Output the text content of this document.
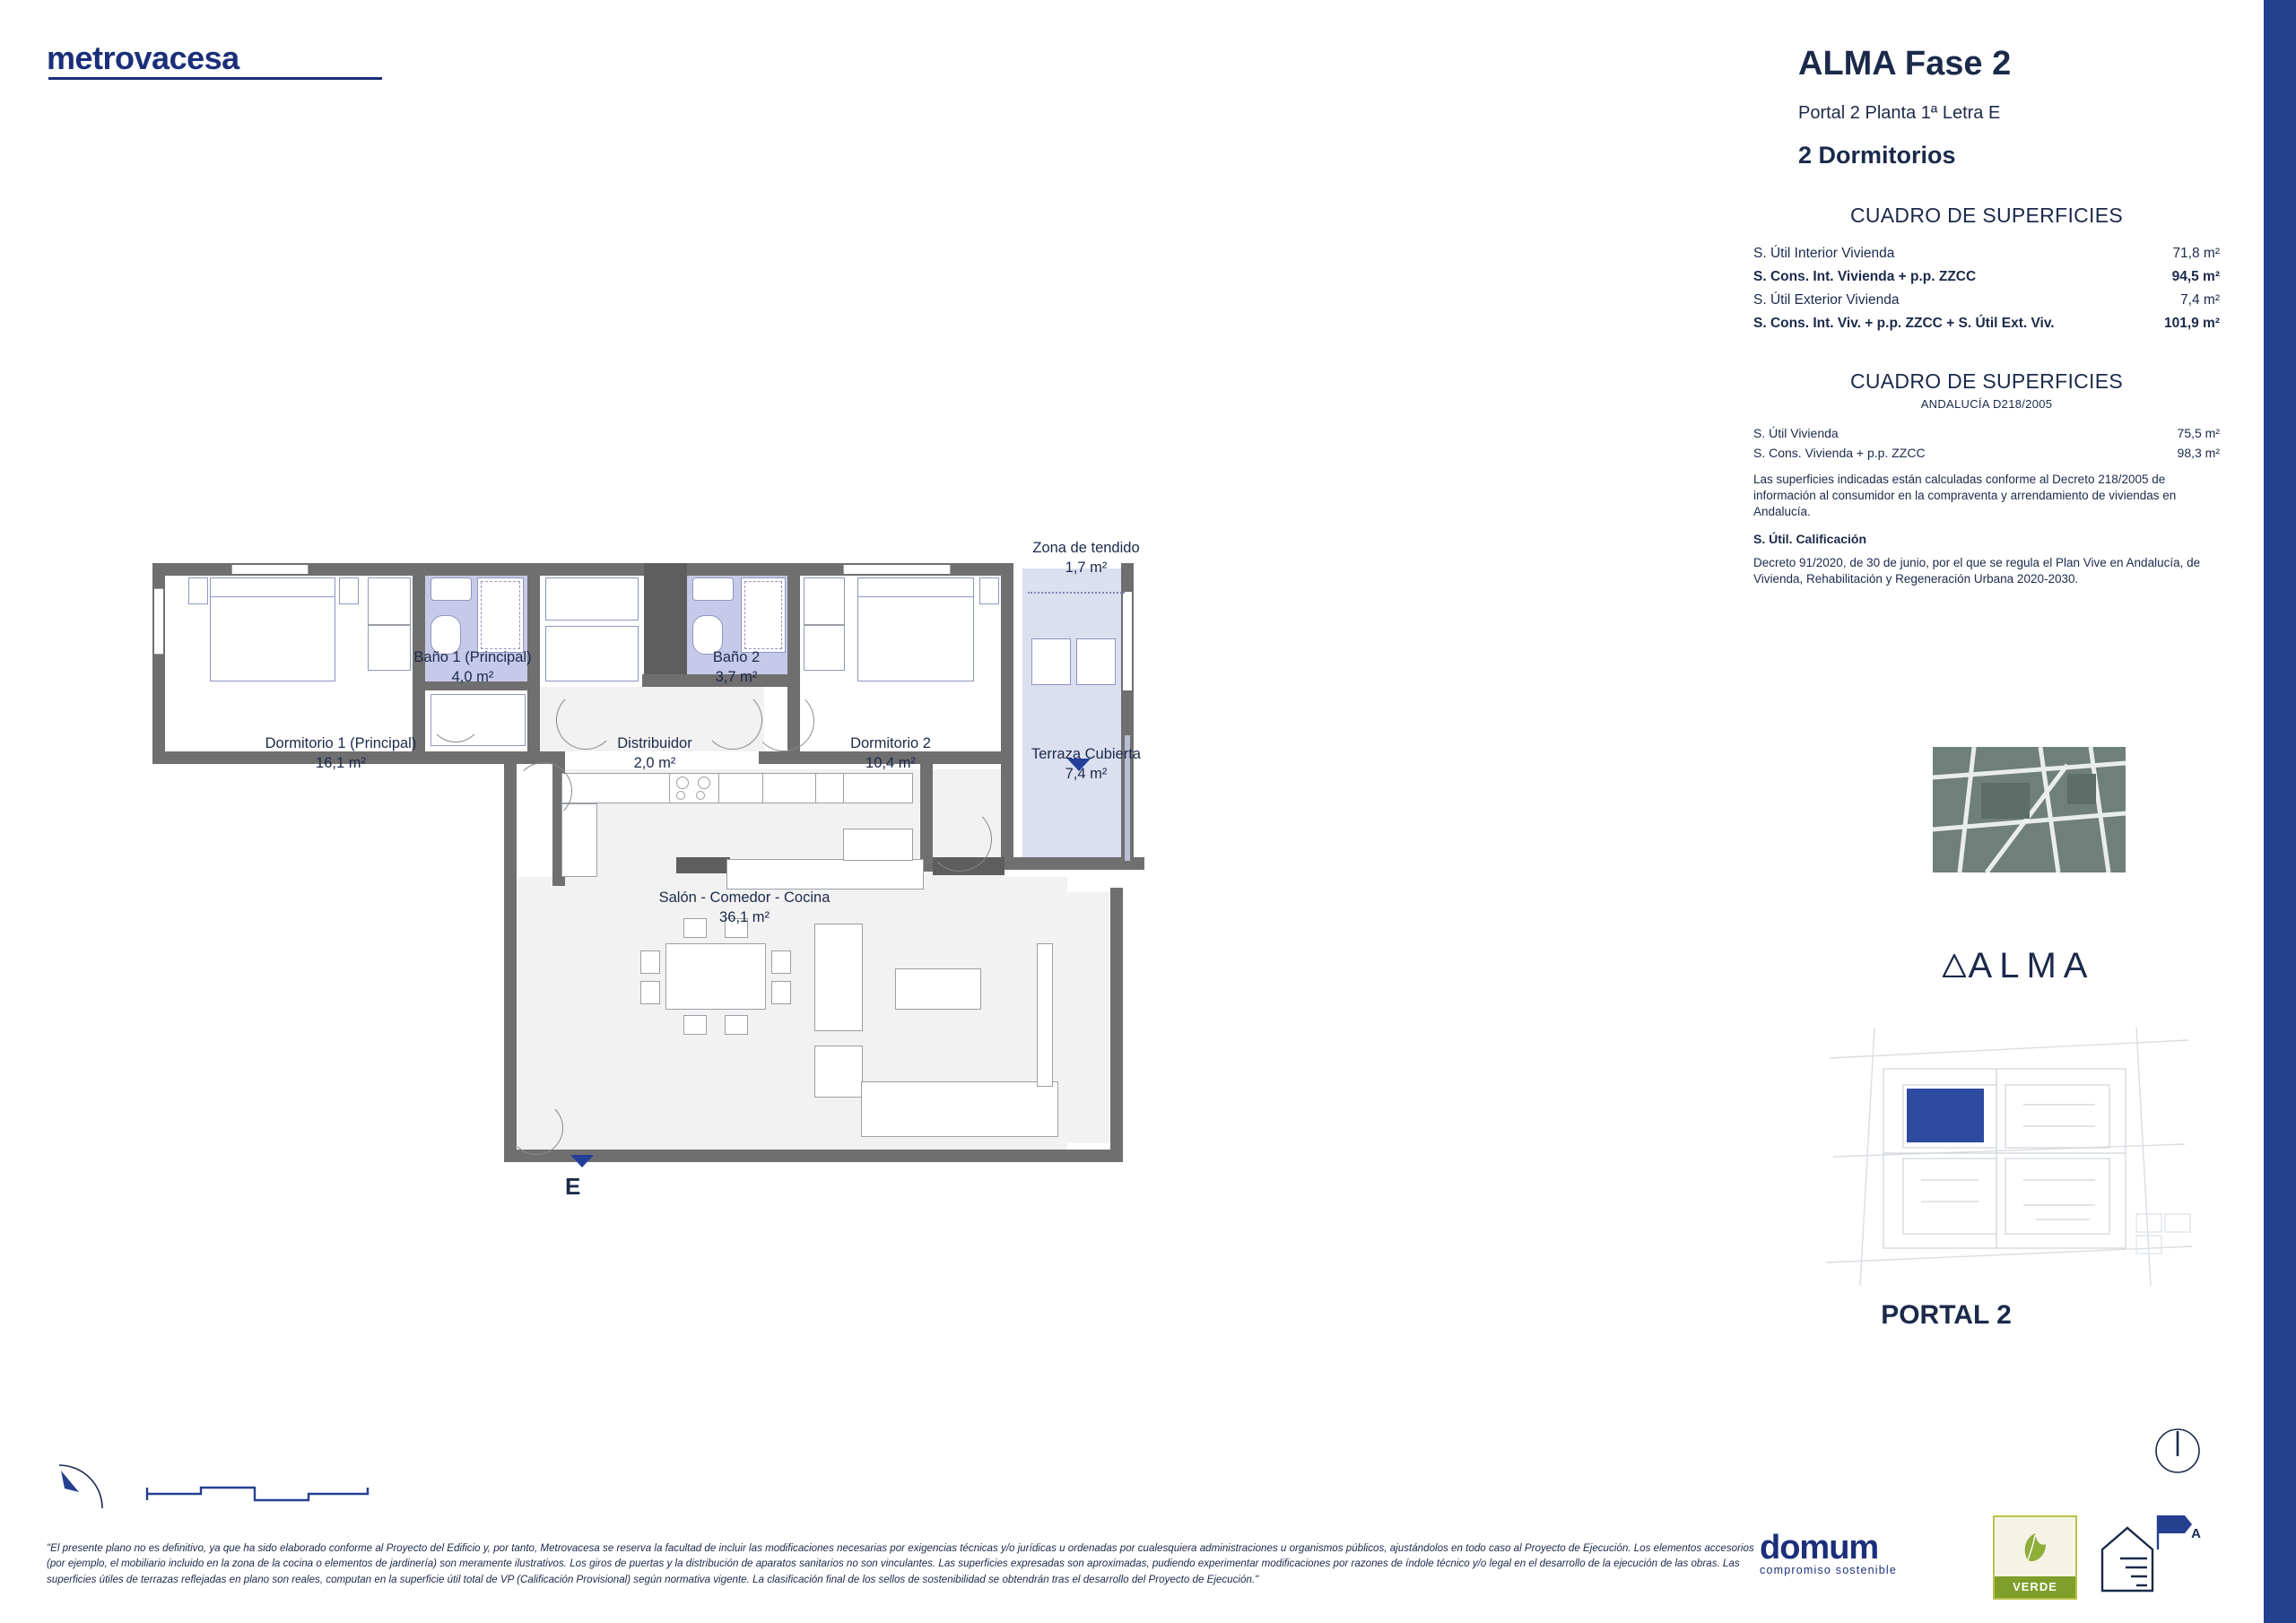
metrovacesa	ALMA Fase 2
Portal 2 Planta 1ª Letra E
2 Dormitorios
CUADRO DE SUPERFICIES
S. Útil Interior Vivienda	71,8 m²
S. Cons. Int. Vivienda + p.p. ZZCC	94,5 m²
S. Útil Exterior Vivienda	7,4 m²
S. Cons. Int. Viv. + p.p. ZZCC + S. Útil Ext. Viv.	101,9 m²
CUADRO DE SUPERFICIES
ANDALUCÍA D218/2005
S. Útil Vivienda	75,5 m²
S. Cons. Vivienda + p.p. ZZCC	98,3 m²
Las superficies indicadas están calculadas conforme al Decreto 218/2005 de información al consumidor en la compraventa y arrendamiento de viviendas en Andalucía.
S. Útil. Calificación
Decreto 91/2020, de 30 de junio, por el que se regula el Plan Vive en Andalucía, de Vivienda, Rehabilitación y Regeneración Urbana 2020-2030.
ALMA
PORTAL 2
E
Dormitorio 1 (Principal)
16,1 m²
Baño 1 (Principal)
4,0 m²
Baño 2
3,7 m²
Distribuidor
2,0 m²
Dormitorio 2
10,4 m²
Zona de tendido
1,7 m²
Terraza Cubierta
7,4 m²
Salón - Comedor - Cocina
36,1 m²
"El presente plano no es definitivo, ya que ha sido elaborado conforme al Proyecto del Edificio y, por tanto, Metrovacesa se reserva la facultad de incluir las modificaciones necesarias por exigencias técnicas y/o jurídicas u ordenadas por cualesquiera administraciones u organismos públicos, ajustándolos en todo caso al Proyecto de Ejecución. Los elementos accesorios (por ejemplo, el mobiliario incluido en la zona de la cocina o elementos de jardinería) son meramente ilustrativos. Los giros de puertas y la distribución de aparatos sanitarios no son vinculantes. Las superficies expresadas son aproximadas, pudiendo experimentar modificaciones por razones de índole técnico y/o legal en el desarrollo de la ejecución de las obras. Las superficies útiles de terrazas reflejadas en plano son reales, computan en la superficie útil total de VP (Calificación Provisional) según normativa vigente. La clasificación final de los sellos de sostenibilidad se obtendrán tras el desarrollo del Proyecto de Ejecución."
domum
compromiso sostenible
VERDE
A
